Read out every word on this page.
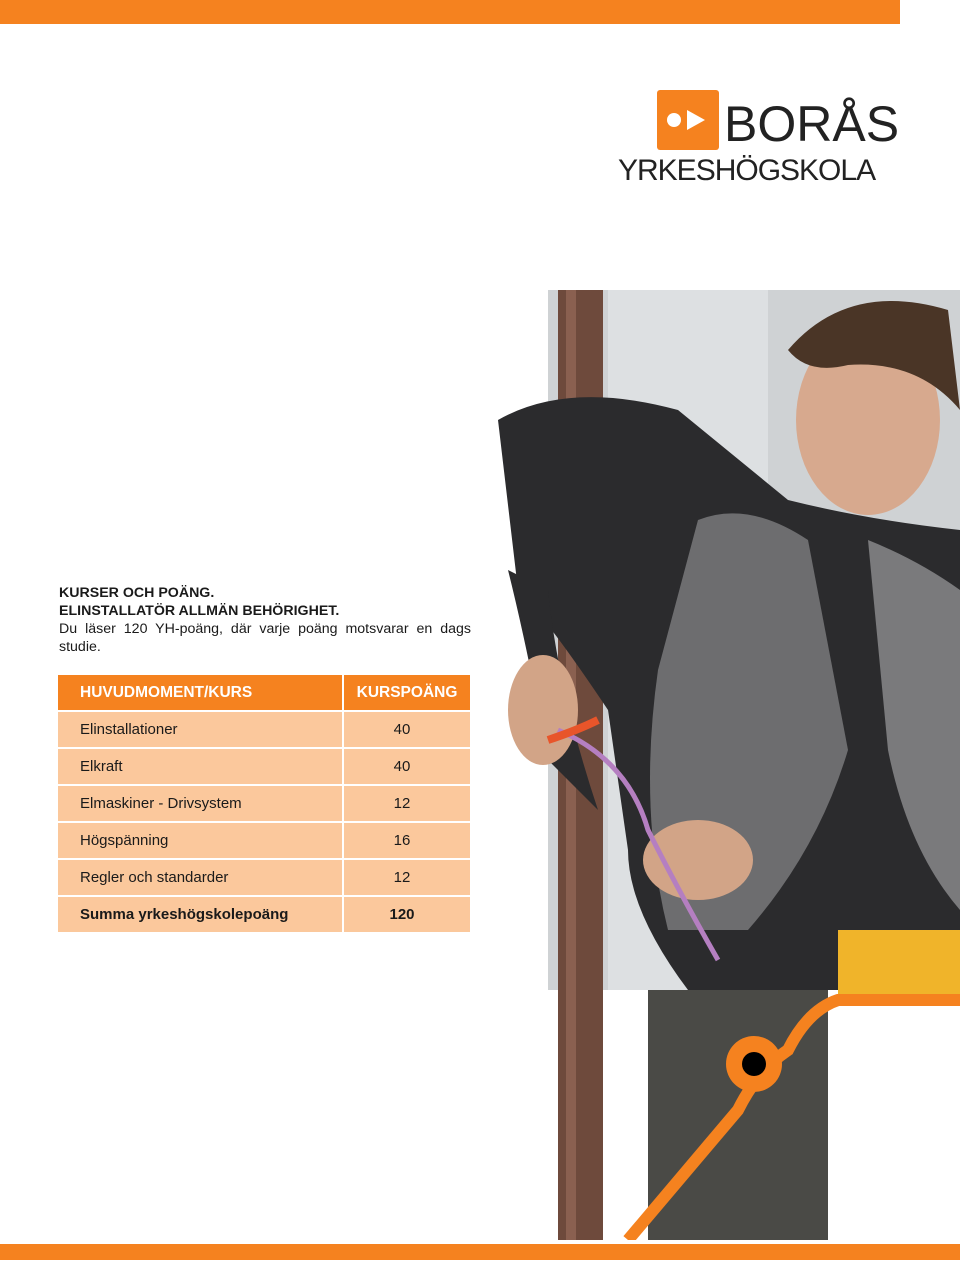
BORÅS
YRKESHÖGSKOLA
KURSER OCH POÄNG.
ELINSTALLATÖR ALLMÄN BEHÖRIGHET.
Du läser 120 YH-poäng, där varje poäng motsvarar en dags studie.
HUVUDMOMENT/KURS	KURSPOÄNG
Elinstallationer	40
Elkraft	40
Elmaskiner - Drivsystem	12
Högspänning	16
Regler och standarder	12
Summa yrkeshögskolepoäng	120
